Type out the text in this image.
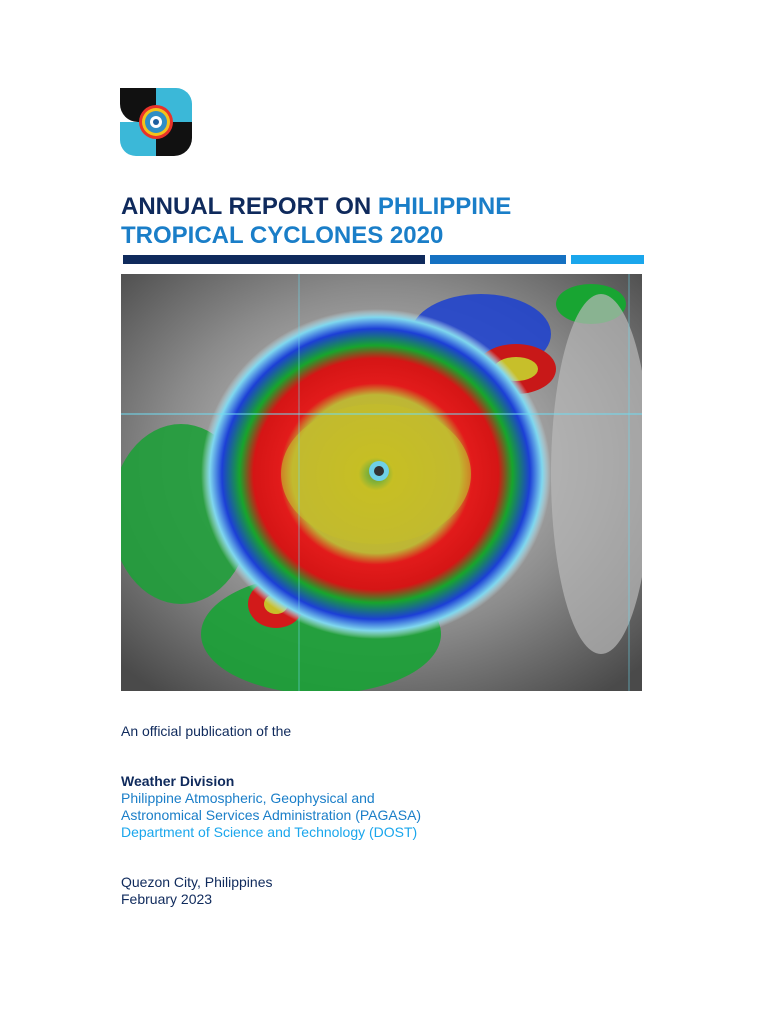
ANNUAL REPORT ON PHILIPPINE
TROPICAL CYCLONES 2020
An official publication of the
Weather Division
Philippine Atmospheric, Geophysical and
Astronomical Services Administration (PAGASA)
Department of Science and Technology (DOST)
Quezon City, Philippines
February 2023
